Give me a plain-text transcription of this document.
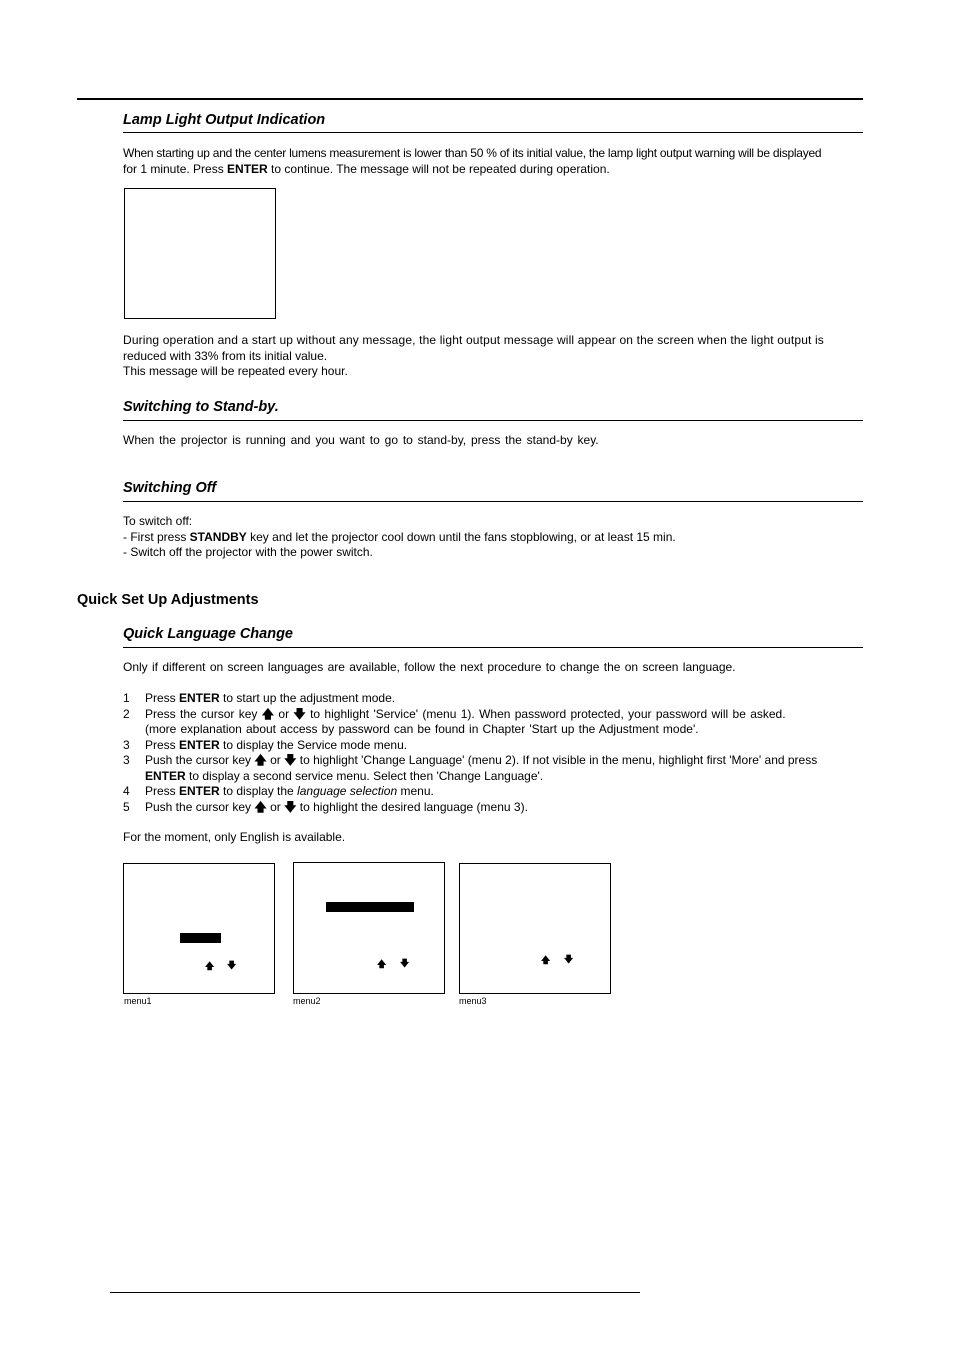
Lamp Light Output Indication
When starting up and the center lumens measurement is lower than 50 % of its initial value, the lamp light output warning will be displayed
for 1 minute. Press ENTER to continue. The message will not be repeated during operation.
During operation and a start up without any message, the light output message will appear on the screen when the light output is
reduced with 33% from its initial value.
This message will be repeated every hour.
Switching to Stand-by.
When the projector is running and you want to go to stand-by, press the stand-by key.
Switching Off
To switch off:
- First press STANDBY key and let the projector cool down until the fans stopblowing, or at least 15 min.
- Switch off the projector with the power switch.
Quick Set Up Adjustments
Quick Language Change
Only if different on screen languages are available, follow the next procedure to change the on screen language.
1	Press ENTER to start up the adjustment mode.
2	Press the cursor key 🡅 or 🡇 to highlight 'Service' (menu 1). When password protected, your password will be asked.
(more explanation about access by password can be found in Chapter 'Start up the Adjustment mode'.
3	Press ENTER to display the Service mode menu.
3	Push the cursor key 🡅 or 🡇 to highlight 'Change Language' (menu 2). If not visible in the menu, highlight first 'More' and press
ENTER to display a second service menu. Select then 'Change Language'.
4	Press ENTER to display the language selection menu.
5	Push the cursor key 🡅 or 🡇 to highlight the desired language (menu 3).
For the moment, only English is available.
🡅 🡇
menu1
🡅 🡇
menu2
🡅 🡇
menu3
